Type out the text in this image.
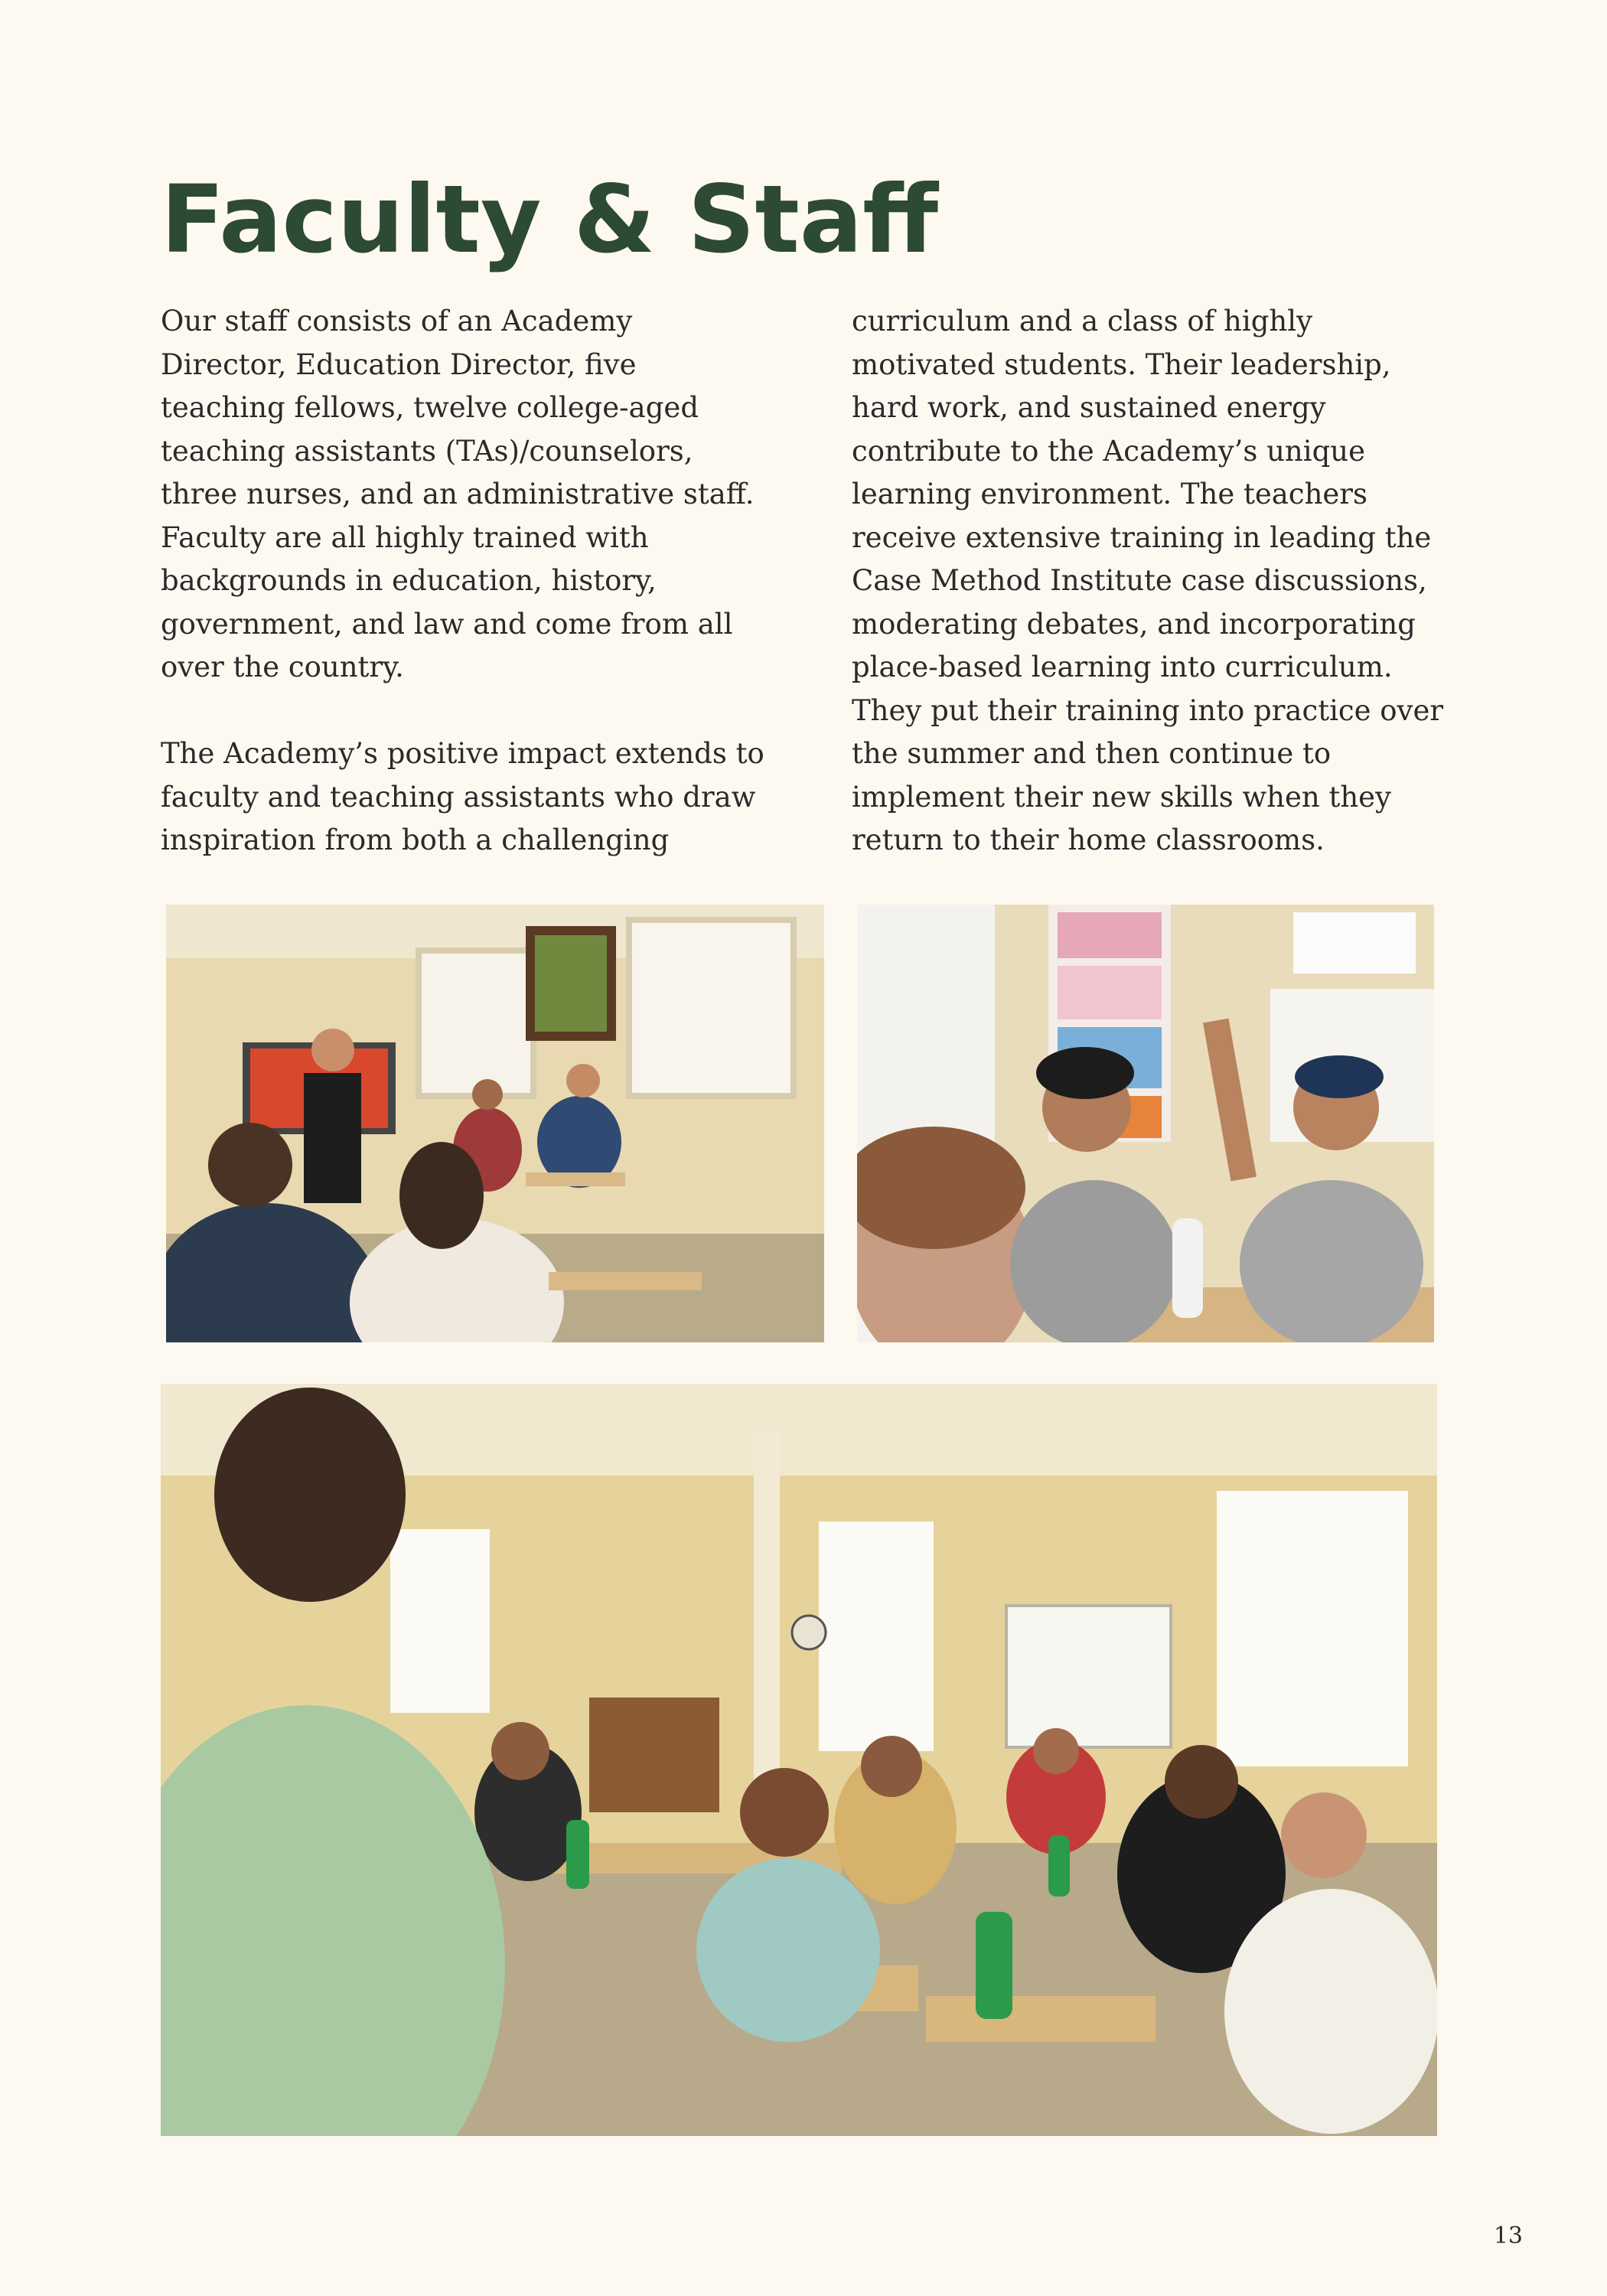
Faculty & Staff

Our staff consists of an Academy
Director, Education Director, five
teaching fellows, twelve college-aged
teaching assistants (TAs)/counselors,
three nurses, and an administrative staff.
Faculty are all highly trained with
backgrounds in education, history,
government, and law and come from all
over the country.

The Academy’s positive impact extends to
faculty and teaching assistants who draw
inspiration from both a challenging

curriculum and a class of highly
motivated students. Their leadership,
hard work, and sustained energy
contribute to the Academy’s unique
learning environment. The teachers
receive extensive training in leading the
Case Method Institute case discussions,
moderating debates, and incorporating
place-based learning into curriculum.
They put their training into practice over
the summer and then continue to
implement their new skills when they
return to their home classrooms.

13
